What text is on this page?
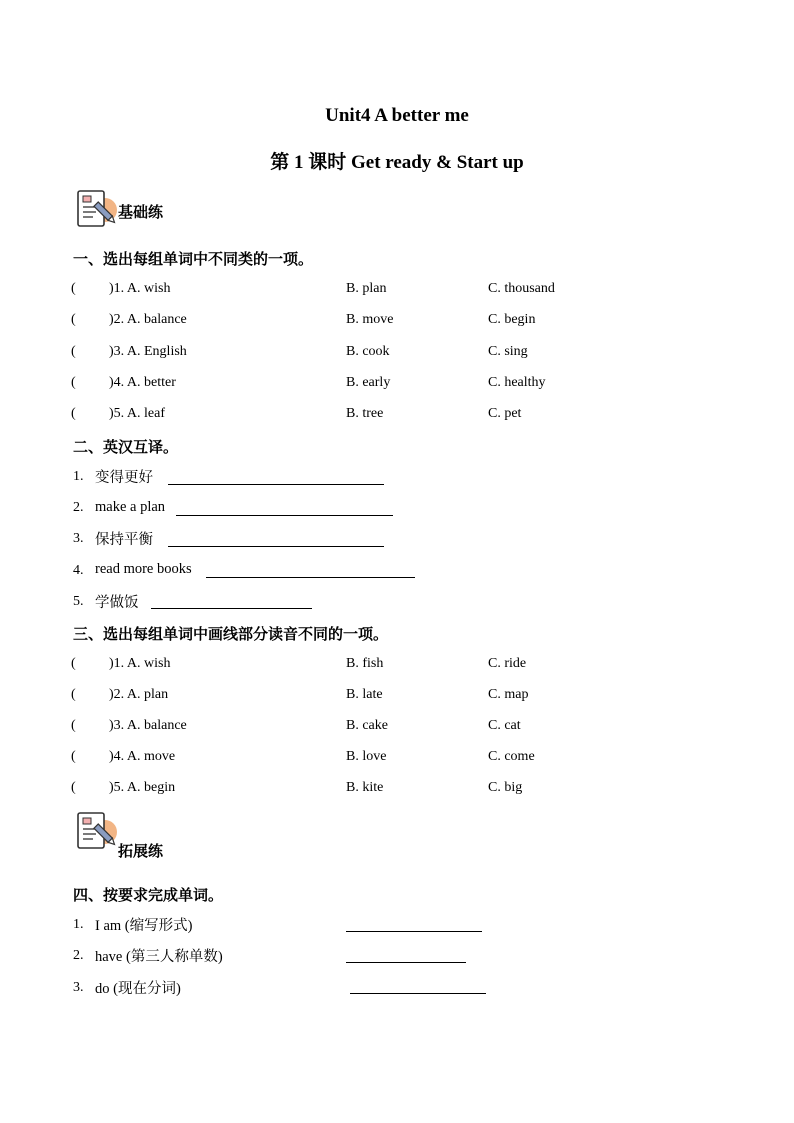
Unit4 A better me
第 1 课时 Get ready & Start up
基础练
一、选出每组单词中不同类的一项。
( )1. A. wish	B. plan	C. thousand
( )2. A. balance	B. move	C. begin
( )3. A. English	B. cook	C. sing
( )4. A. better	B. early	C. healthy
( )5. A. leaf	B. tree	C. pet
二、英汉互译。
1. 变得更好
2. make a plan
3. 保持平衡
4. read more books
5. 学做饭
三、选出每组单词中画线部分读音不同的一项。
( )1. A. wish	B. fish	C. ride
( )2. A. plan	B. late	C. map
( )3. A. balance	B. cake	C. cat
( )4. A. move	B. love	C. come
( )5. A. begin	B. kite	C. big
拓展练
四、按要求完成单词。
1. I am (缩写形式)
2. have (第三人称单数)
3. do (现在分词)
